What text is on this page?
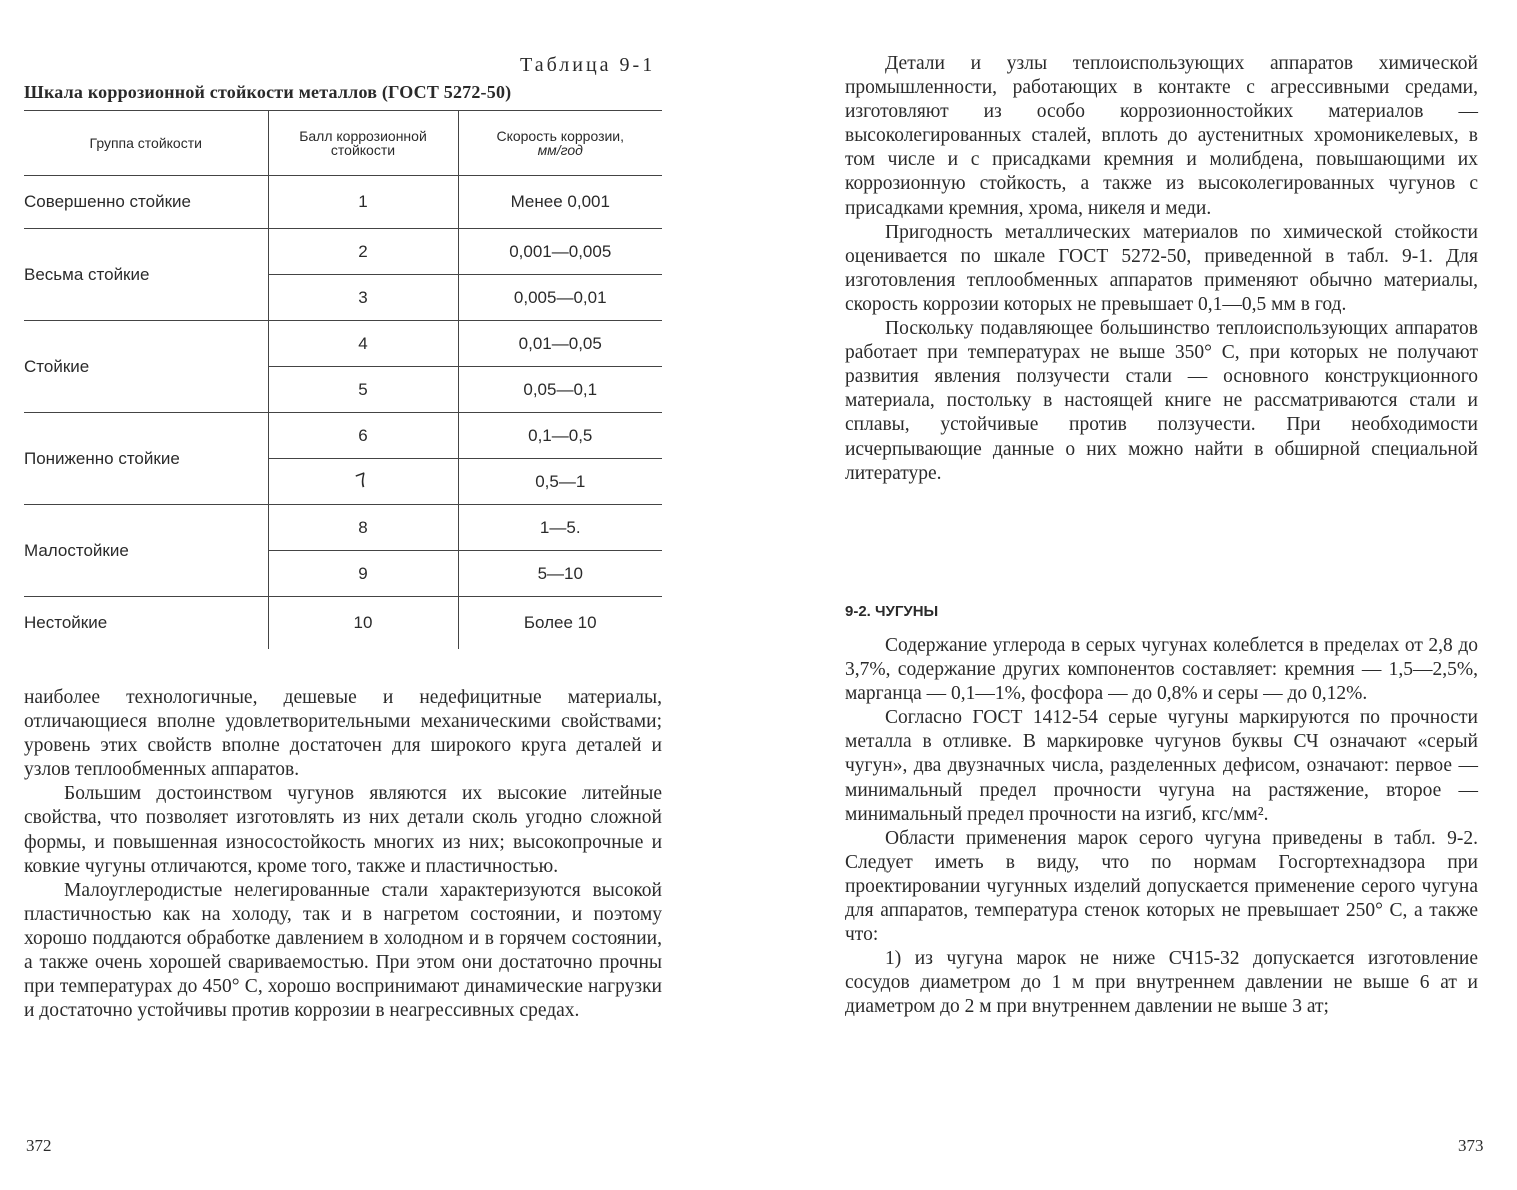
Таблица 9-1
Шкала коррозионной стойкости металлов (ГОСТ 5272-50)
Группа стойкости	Балл коррозионной стойкости	Скорость коррозии,
мм/год
Совершенно стойкие	1	Менее 0,001
Весьма стойкие	2	0,001—0,005
	3	0,005—0,01
Стойкие	4	0,01—0,05
	5	0,05—0,1
Пониженно стойкие	6	0,1—0,5
	7	0,5—1
Малостойкие	8	1—5.
	9	5—10
Нестойкие	10	Более 10

наиболее технологичные, дешевые и недефицитные материалы, отличающиеся вполне удовлетворительными механическими свойствами; уровень этих свойств вполне достаточен для широкого круга деталей и узлов теплообменных аппаратов.

Большим достоинством чугунов являются их высокие литейные свойства, что позволяет изготовлять из них детали сколь угодно сложной формы, и повышенная износостойкость многих из них; высокопрочные и ковкие чугуны отличаются, кроме того, также и пластичностью.

Малоуглеродистые нелегированные стали характеризуются высокой пластичностью как на холоду, так и в нагретом состоянии, и поэтому хорошо поддаются обработке давлением в холодном и в горячем состоянии, а также очень хорошей свариваемостью. При этом они достаточно прочны при температурах до 450° С, хорошо воспринимают динамические нагрузки и достаточно устойчивы против коррозии в неагрессивных средах.

372

Детали и узлы теплоиспользующих аппаратов химической промышленности, работающих в контакте с агрессивными средами, изготовляют из особо коррозионностойких материалов — высоколегированных сталей, вплоть до аустенитных хромоникелевых, в том числе и с присадками кремния и молибдена, повышающими их коррозионную стойкость, а также из высоколегированных чугунов с присадками кремния, хрома, никеля и меди.

Пригодность металлических материалов по химической стойкости оценивается по шкале ГОСТ 5272-50, приведенной в табл. 9-1. Для изготовления теплообменных аппаратов применяют обычно материалы, скорость коррозии которых не превышает 0,1—0,5 мм в год.

Поскольку подавляющее большинство теплоиспользующих аппаратов работает при температурах не выше 350° С, при которых не получают развития явления ползучести стали — основного конструкционного материала, постольку в настоящей книге не рассматриваются стали и сплавы, устойчивые против ползучести. При необходимости исчерпывающие данные о них можно найти в обширной специальной литературе.

9-2. ЧУГУНЫ

Содержание углерода в серых чугунах колеблется в пределах от 2,8 до 3,7%, содержание других компонентов составляет: кремния — 1,5—2,5%, марганца — 0,1—1%, фосфора — до 0,8% и серы — до 0,12%.

Согласно ГОСТ 1412-54 серые чугуны маркируются по прочности металла в отливке. В маркировке чугунов буквы СЧ означают «серый чугун», два двузначных числа, разделенных дефисом, означают: первое — минимальный предел прочности чугуна на растяжение, второе — минимальный предел прочности на изгиб, кгс/мм².

Области применения марок серого чугуна приведены в табл. 9-2. Следует иметь в виду, что по нормам Госгортехнадзора при проектировании чугунных изделий допускается применение серого чугуна для аппаратов, температура стенок которых не превышает 250° С, а также что:

1) из чугуна марок не ниже СЧ15-32 допускается изготовление сосудов диаметром до 1 м при внутреннем давлении не выше 6 ат и диаметром до 2 м при внутреннем давлении не выше 3 ат;

373
